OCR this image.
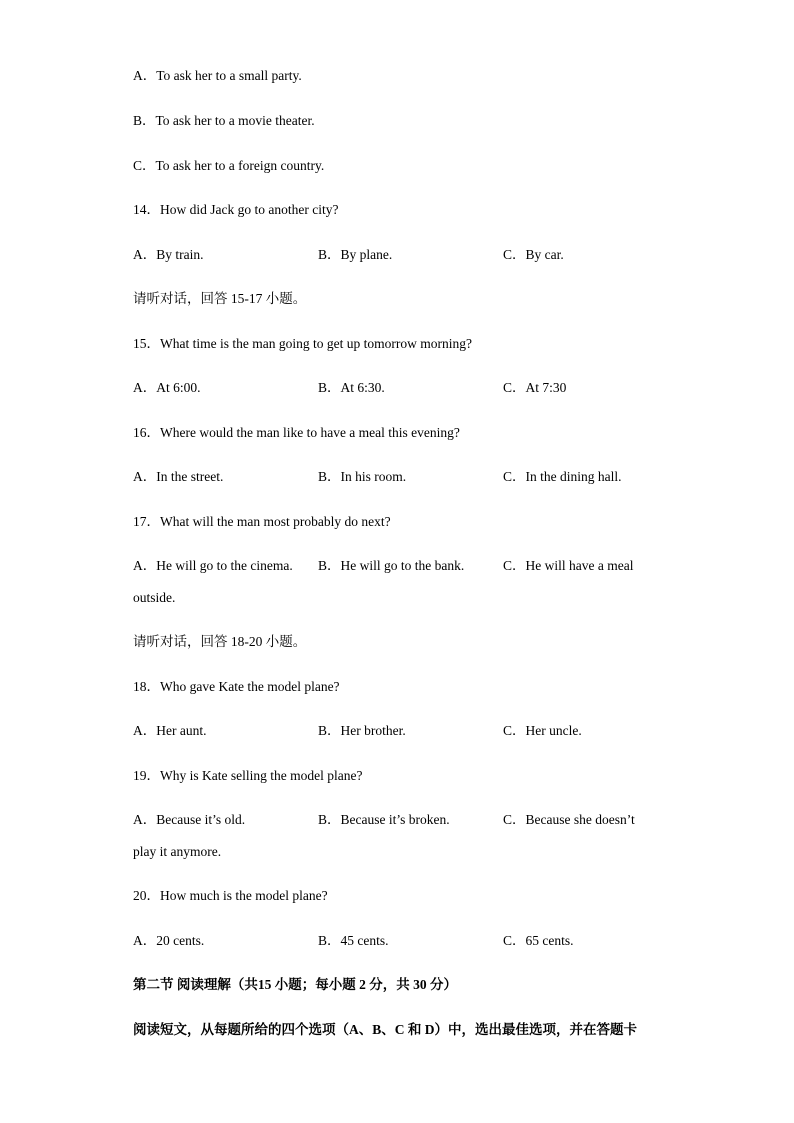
A．To ask her to a small party.
B．To ask her to a movie theater.
C．To ask her to a foreign country.
14．How did Jack go to another city?
A．By train.	B．By plane.	C．By car.
请听对话，回答 15-17 小题。
15．What time is the man going to get up tomorrow morning?
A．At 6:00.	B．At 6:30.	C．At 7:30
16．Where would the man like to have a meal this evening?
A．In the street.	B．In his room.	C．In the dining hall.
17．What will the man most probably do next?
A．He will go to the cinema. B．He will go to the bank.	C．He will have a meal
outside.
请听对话，回答 18-20 小题。
18．Who gave Kate the model plane?
A．Her aunt.	B．Her brother.	C．Her uncle.
19．Why is Kate selling the model plane?
A．Because it’s old.	B．Because it’s broken.	C．Because she doesn’t
play it anymore.
20．How much is the model plane?
A．20 cents.	B．45 cents.	C．65 cents.
第二节 阅读理解（共15 小题；每小题 2 分，共 30 分）
阅读短文，从每题所给的四个选项（A、B、C 和 D）中，选出最佳选项，并在答题卡
